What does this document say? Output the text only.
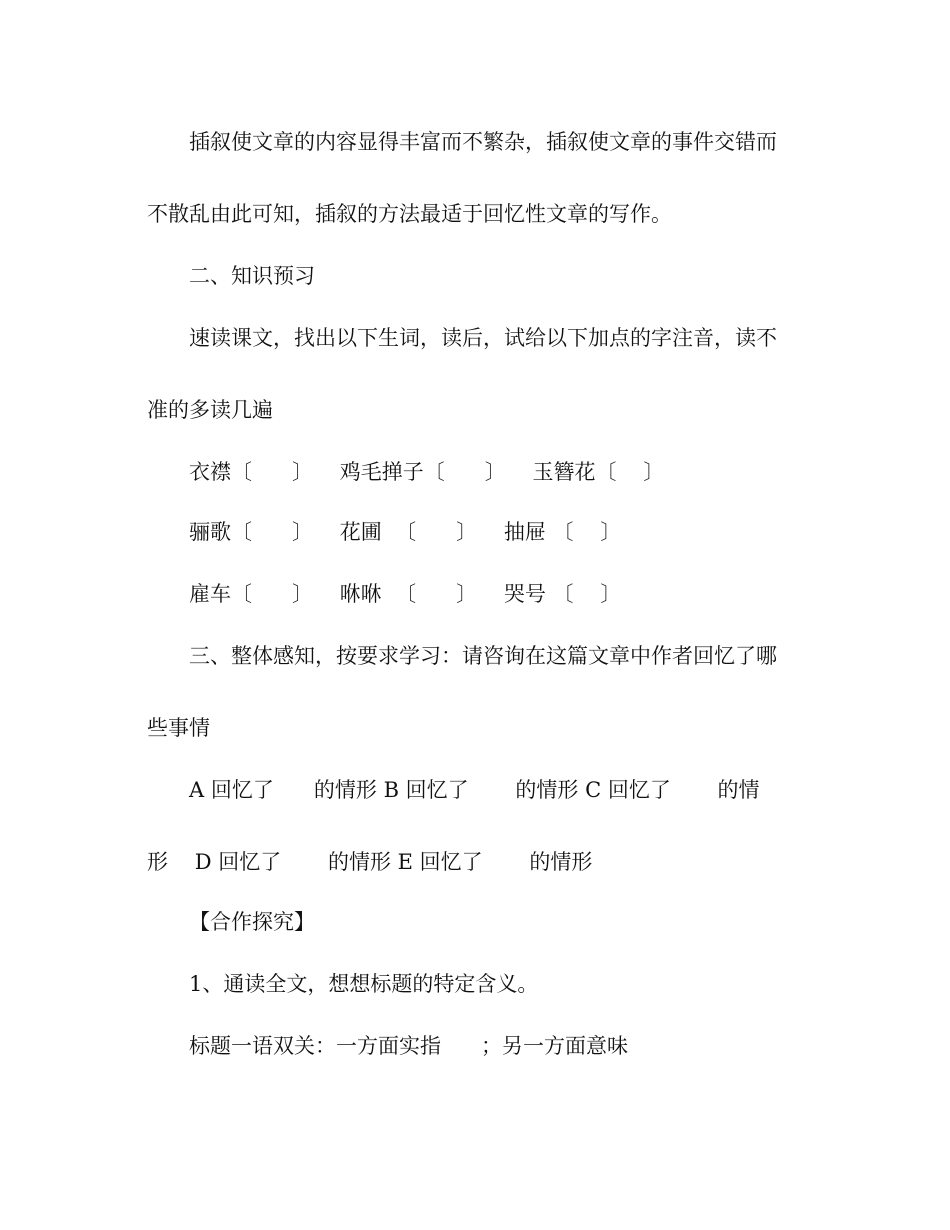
插叙使文章的内容显得丰富而不繁杂，插叙使文章的事件交错而

不散乱由此可知，插叙的方法最适于回忆性文章的写作。

二、知识预习

速读课文，找出以下生词，读后，试给以下加点的字注音，读不

准的多读几遍

衣襟〔      〕    鸡毛掸子〔      〕    玉簪花〔    〕

骊歌〔      〕    花圃  〔      〕    抽屉 〔    〕

雇车〔      〕    咻咻  〔      〕    哭号 〔    〕

三、整体感知，按要求学习：请咨询在这篇文章中作者回忆了哪

些事情

A 回忆了      的情形 B 回忆了       的情形 C 回忆了       的情

形    D 回忆了       的情形 E 回忆了       的情形

【合作探究】

1、通读全文，想想标题的特定含义。

标题一语双关：一方面实指      ；另一方面意味
